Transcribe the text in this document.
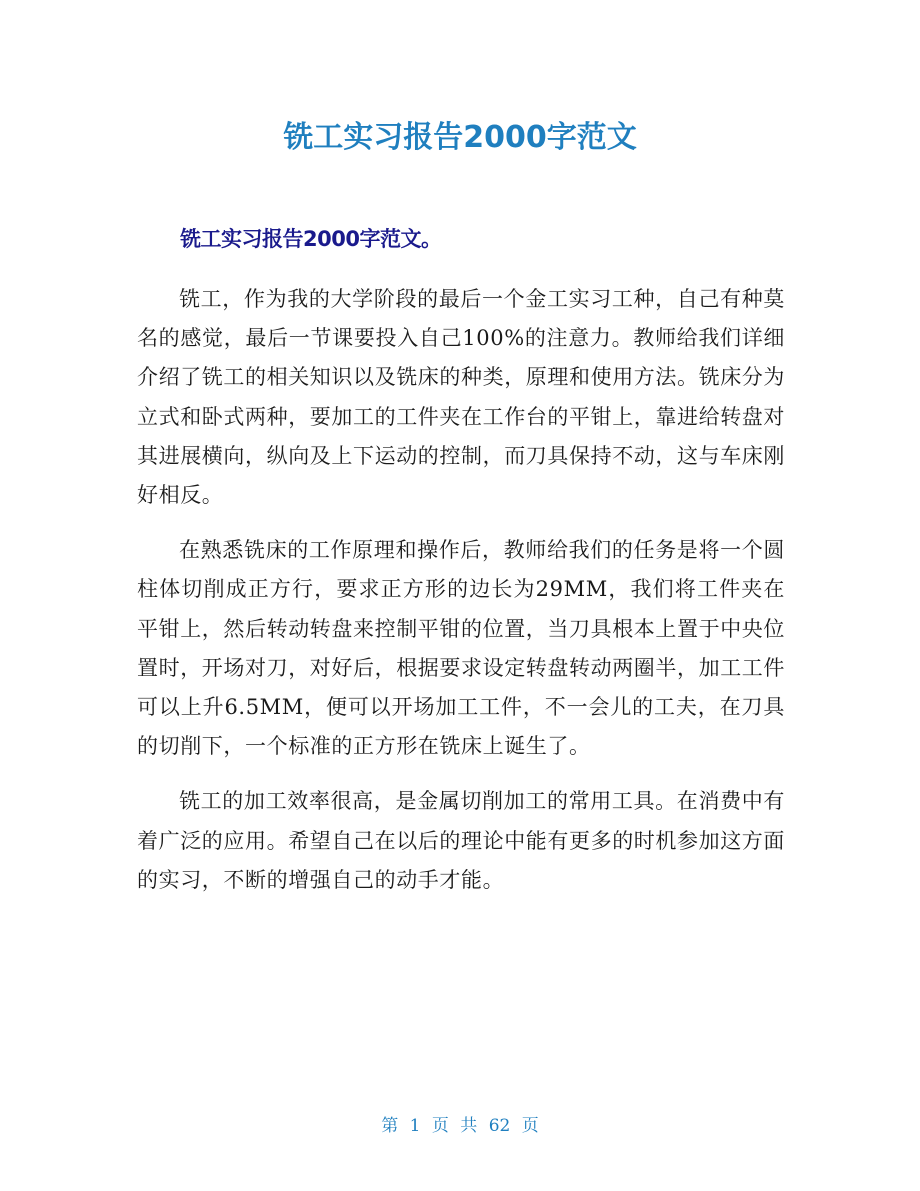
铣工实习报告2000字范文
铣工实习报告2000字范文。

铣工，作为我的大学阶段的最后一个金工实习工种，自己有种莫名的感觉，最后一节课要投入自己100%的注意力。教师给我们详细介绍了铣工的相关知识以及铣床的种类，原理和使用方法。铣床分为立式和卧式两种，要加工的工件夹在工作台的平钳上，靠进给转盘对其进展横向，纵向及上下运动的控制，而刀具保持不动，这与车床刚好相反。

在熟悉铣床的工作原理和操作后，教师给我们的任务是将一个圆柱体切削成正方行，要求正方形的边长为29MM，我们将工件夹在平钳上，然后转动转盘来控制平钳的位置，当刀具根本上置于中央位置时，开场对刀，对好后，根据要求设定转盘转动两圈半，加工工件可以上升6.5MM，便可以开场加工工件，不一会儿的工夫，在刀具的切削下，一个标准的正方形在铣床上诞生了。

铣工的加工效率很高，是金属切削加工的常用工具。在消费中有着广泛的应用。希望自己在以后的理论中能有更多的时机参加这方面的实习，不断的增强自己的动手才能。

第 1 页 共 62 页
